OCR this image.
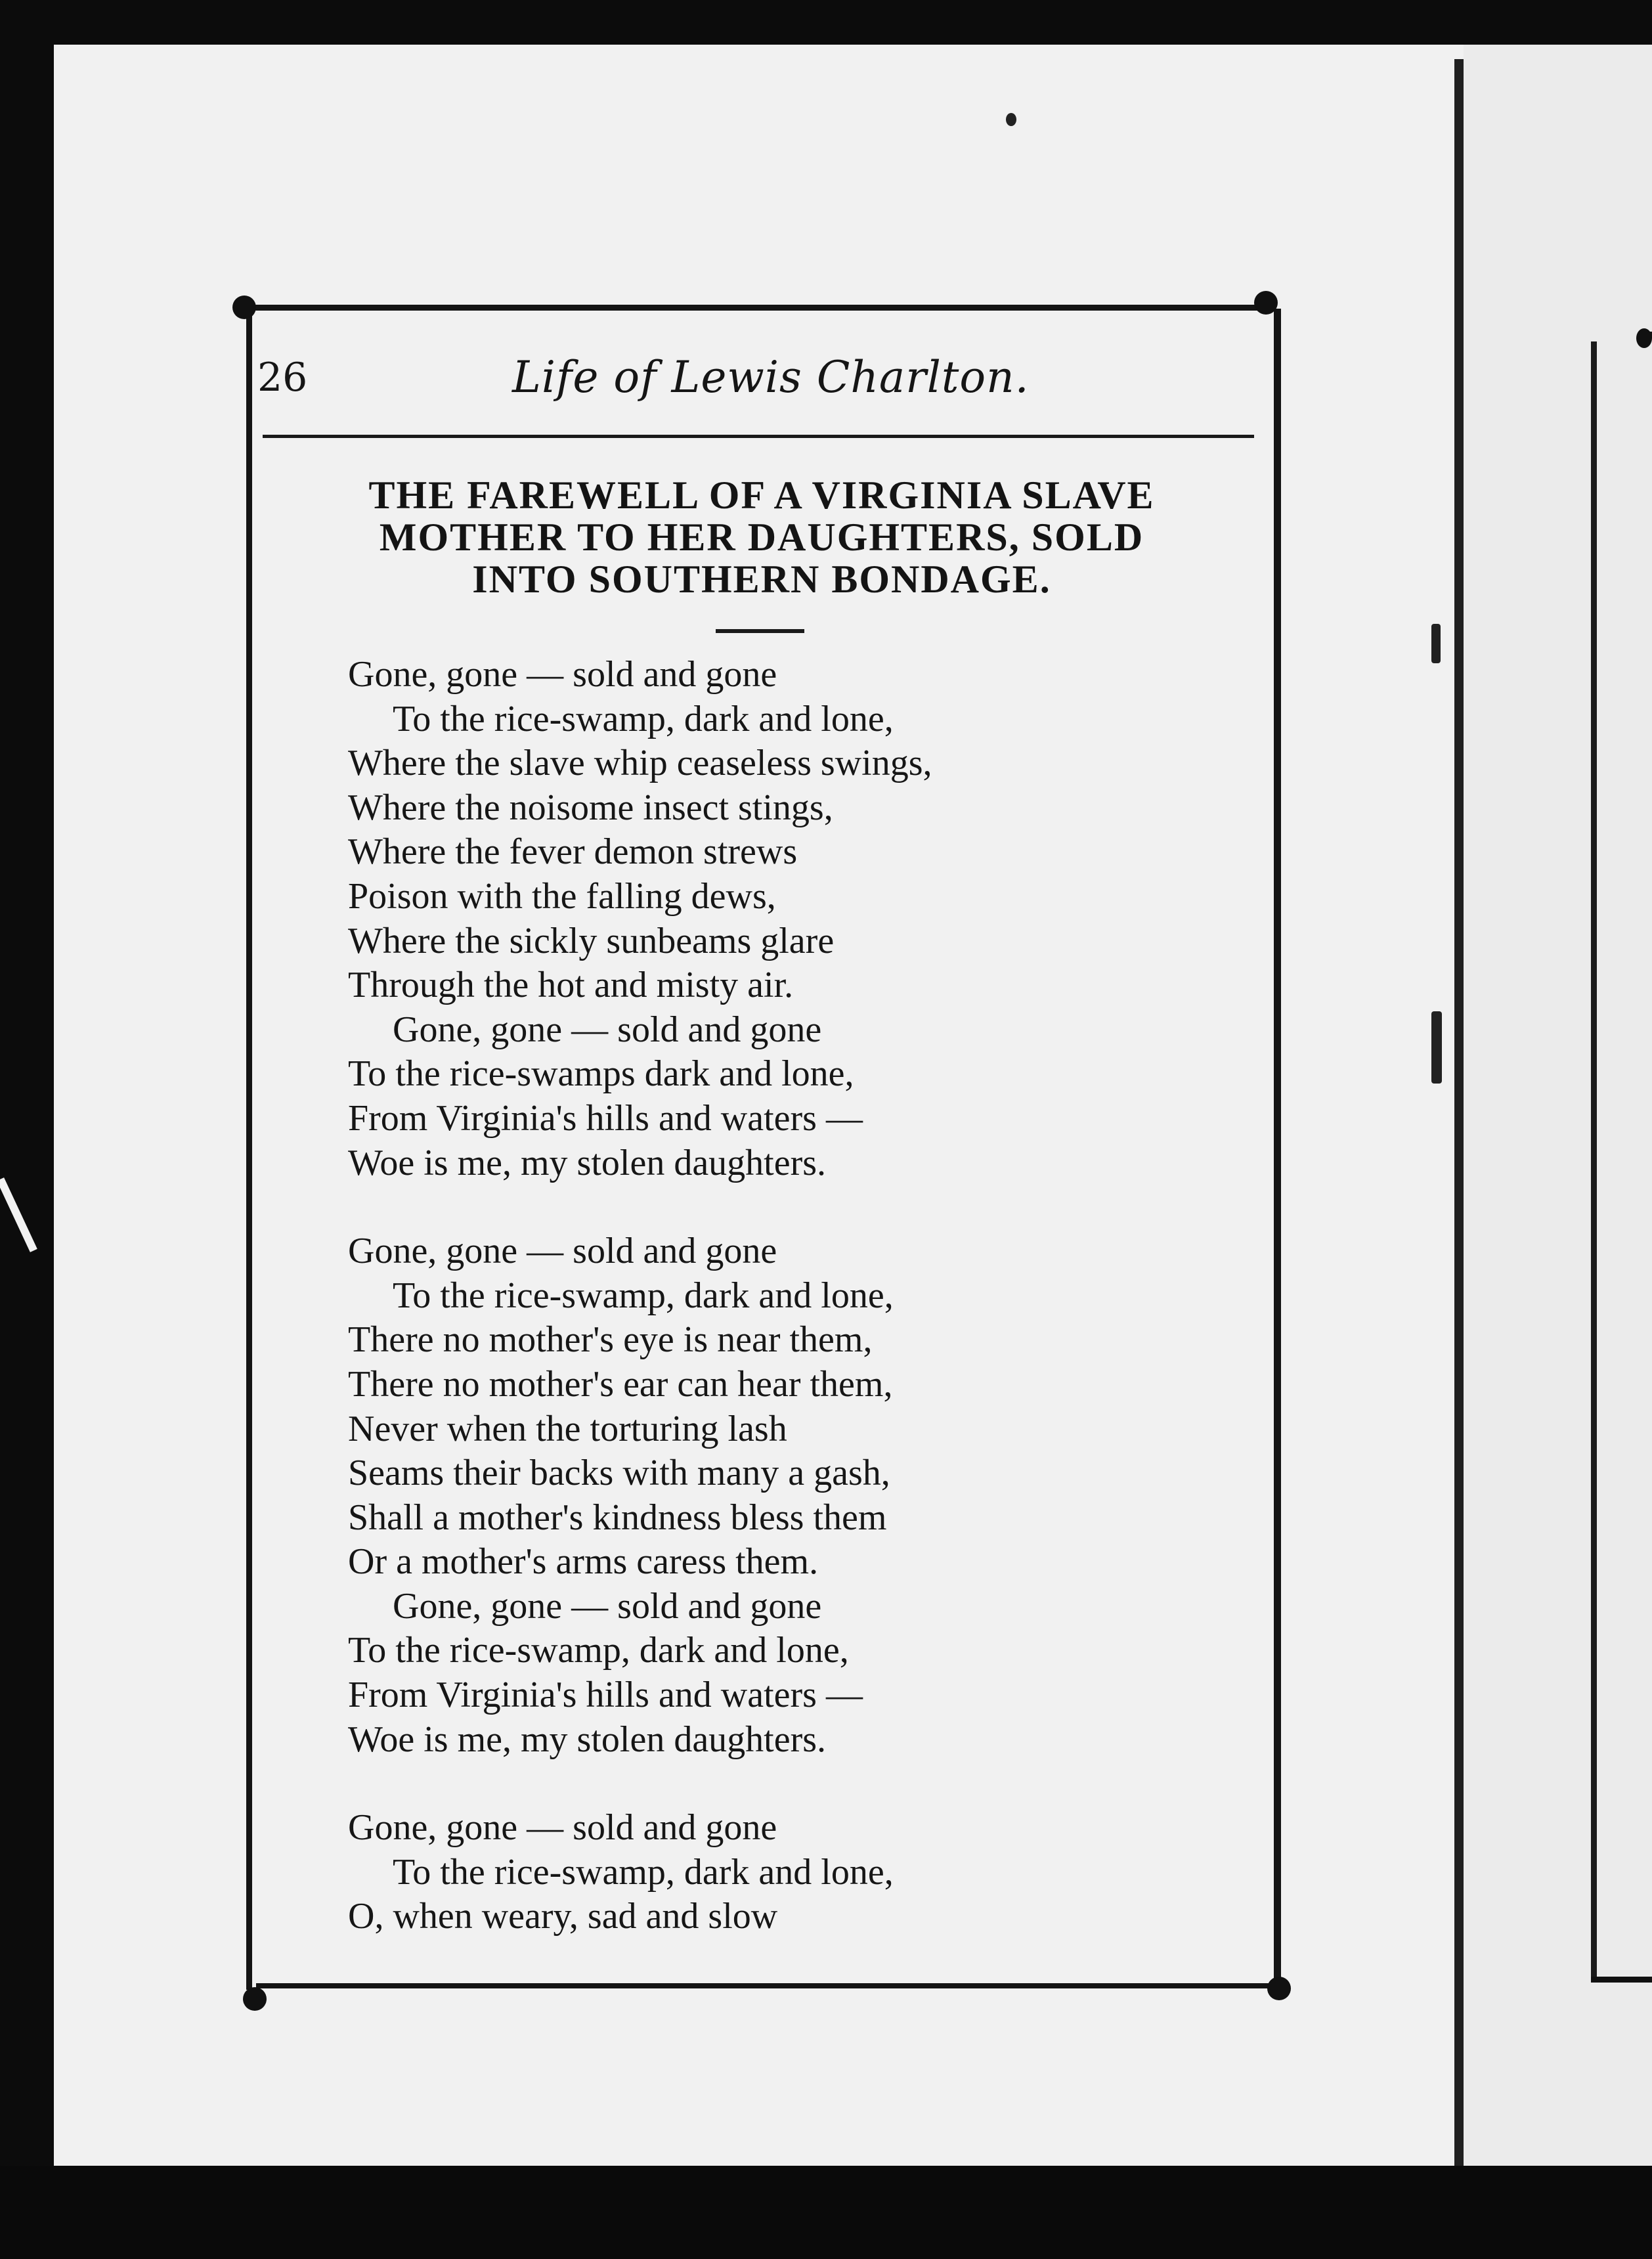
26	Life of Lewis Charlton.
THE FAREWELL OF A VIRGINIA SLAVE
MOTHER TO HER DAUGHTERS, SOLD
INTO SOUTHERN BONDAGE.
Gone, gone — sold and gone
To the rice-swamp, dark and lone,
Where the slave whip ceaseless swings,
Where the noisome insect stings,
Where the fever demon strews
Poison with the falling dews,
Where the sickly sunbeams glare
Through the hot and misty air.
Gone, gone — sold and gone
To the rice-swamps dark and lone,
From Virginia's hills and waters —
Woe is me, my stolen daughters.
Gone, gone — sold and gone
To the rice-swamp, dark and lone,
There no mother's eye is near them,
There no mother's ear can hear them,
Never when the torturing lash
Seams their backs with many a gash,
Shall a mother's kindness bless them
Or a mother's arms caress them.
Gone, gone — sold and gone
To the rice-swamp, dark and lone,
From Virginia's hills and waters —
Woe is me, my stolen daughters.
Gone, gone — sold and gone
To the rice-swamp, dark and lone,
O, when weary, sad and slow
